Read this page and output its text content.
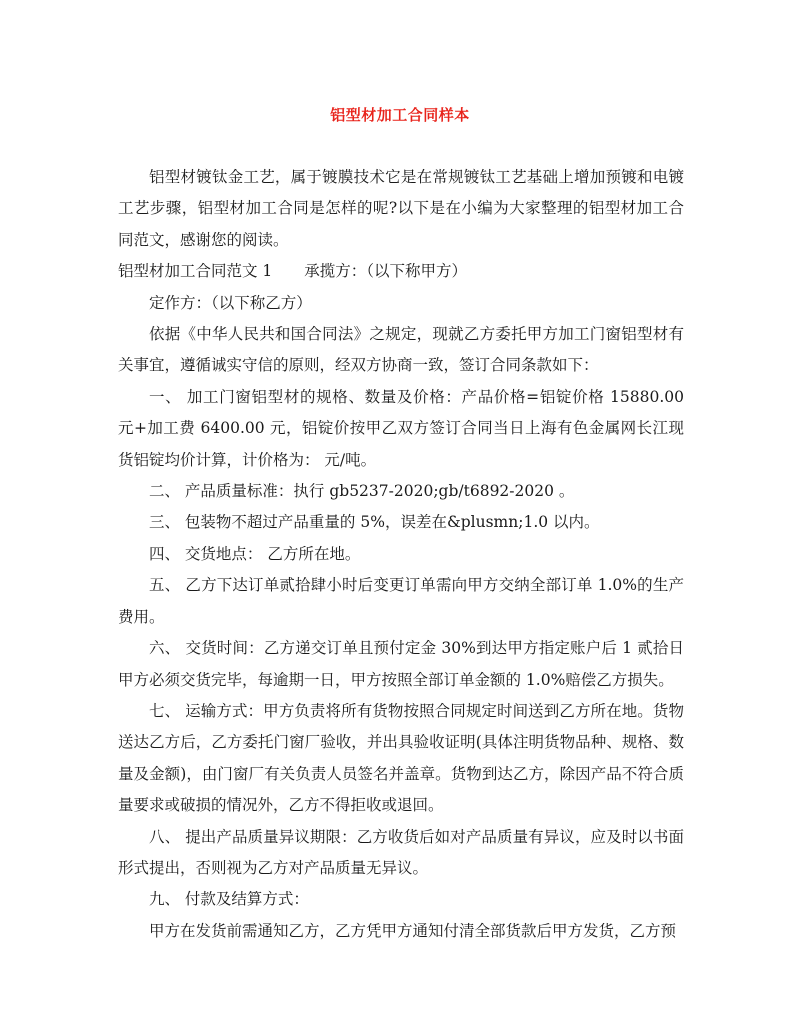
铝型材加工合同样本

铝型材镀钛金工艺，属于镀膜技术它是在常规镀钛工艺基础上增加预镀和电镀工艺步骤，铝型材加工合同是怎样的呢?以下是在小编为大家整理的铝型材加工合同范文，感谢您的阅读。

铝型材加工合同范文 1 承揽方：（以下称甲方）

定作方：（以下称乙方）

依据《中华人民共和国合同法》之规定，现就乙方委托甲方加工门窗铝型材有关事宜，遵循诚实守信的原则，经双方协商一致，签订合同条款如下：

一、 加工门窗铝型材的规格、数量及价格：产品价格=铝锭价格 15880.00 元+加工费 6400.00 元，铝锭价按甲乙双方签订合同当日上海有色金属网长江现货铝锭均价计算，计价格为： 元/吨。

二、 产品质量标准：执行 gb5237-2020;gb/t6892-2020 。

三、 包装物不超过产品重量的 5%，误差在&plusmn;1.0 以内。

四、 交货地点： 乙方所在地。

五、 乙方下达订单贰拾肆小时后变更订单需向甲方交纳全部订单 1.0%的生产费用。

六、 交货时间：乙方递交订单且预付定金 30%到达甲方指定账户后 1 贰拾日甲方必须交货完毕，每逾期一日，甲方按照全部订单金额的 1.0%赔偿乙方损失。

七、 运输方式：甲方负责将所有货物按照合同规定时间送到乙方所在地。货物送达乙方后，乙方委托门窗厂验收，并出具验收证明(具体注明货物品种、规格、数量及金额)，由门窗厂有关负责人员签名并盖章。货物到达乙方，除因产品不符合质量要求或破损的情况外，乙方不得拒收或退回。

八、 提出产品质量异议期限：乙方收货后如对产品质量有异议，应及时以书面形式提出，否则视为乙方对产品质量无异议。

九、 付款及结算方式：

甲方在发货前需通知乙方，乙方凭甲方通知付清全部货款后甲方发货，乙方预
